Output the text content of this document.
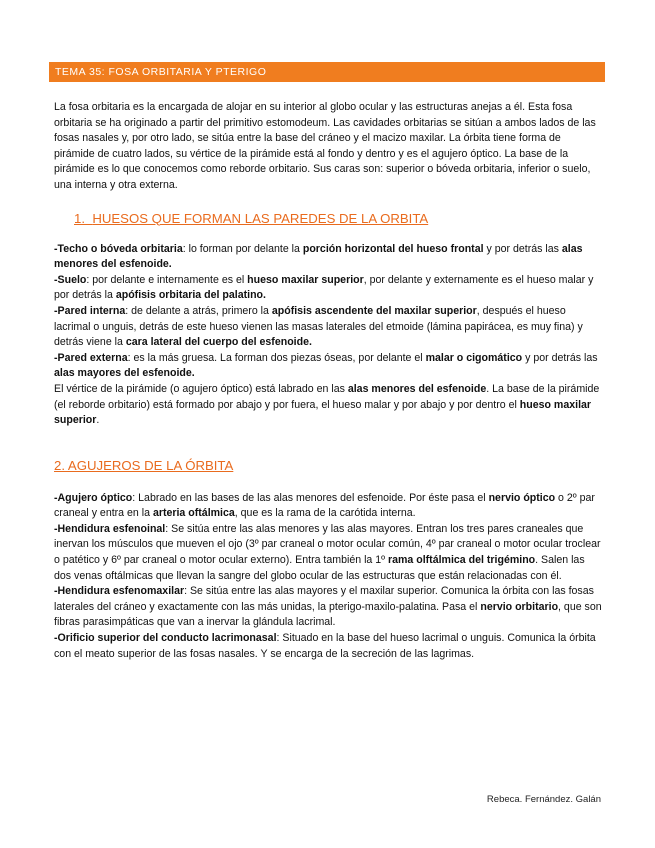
TEMA 35: FOSA ORBITARIA Y PTERIGO

La fosa orbitaria es la encargada de alojar en su interior al globo ocular y las estructuras anejas a él. Esta fosa orbitaria se ha originado a partir del primitivo estomodeum. Las cavidades orbitarias se sitúan a ambos lados de las fosas nasales y, por otro lado, se sitúa entre la base del cráneo y el macizo maxilar. La órbita tiene forma de pirámide de cuatro lados, su vértice de la pirámide está al fondo y dentro y es el agujero óptico. La base de la pirámide es lo que conocemos como reborde orbitario. Sus caras son: superior o bóveda orbitaria, inferior o suelo, una interna y otra externa.

1. HUESOS QUE FORMAN LAS PAREDES DE LA ORBITA

-Techo o bóveda orbitaria: lo forman por delante la porción horizontal del hueso frontal y por detrás las alas menores del esfenoide.

-Suelo: por delante e internamente es el hueso maxilar superior, por delante y externamente es el hueso malar y por detrás la apófisis orbitaria del palatino.

-Pared interna: de delante a atrás, primero la apófisis ascendente del maxilar superior, después el hueso lacrimal o unguis, detrás de este hueso vienen las masas laterales del etmoide (lámina papirácea, es muy fina) y detrás viene la cara lateral del cuerpo del esfenoide.

-Pared externa: es la más gruesa. La forman dos piezas óseas, por delante el malar o cigomático y por detrás las alas mayores del esfenoide.

El vértice de la pirámide (o agujero óptico) está labrado en las alas menores del esfenoide. La base de la pirámide (el reborde orbitario) está formado por abajo y por fuera, el hueso malar y por abajo y por dentro el hueso maxilar superior.

2. AGUJEROS DE LA ÓRBITA

-Agujero óptico: Labrado en las bases de las alas menores del esfenoide. Por éste pasa el nervio óptico o 2º par craneal y entra en la arteria oftálmica, que es la rama de la carótida interna.

-Hendidura esfenoinal: Se sitúa entre las alas menores y las alas mayores. Entran los tres pares craneales que inervan los músculos que mueven el ojo (3º par craneal o motor ocular común, 4º par craneal o motor ocular troclear o patético y 6º par craneal o motor ocular externo). Entra también la 1º rama olftálmica del trigémino. Salen las dos venas oftálmicas que llevan la sangre del globo ocular de las estructuras que están relacionadas con él.

-Hendidura esfenomaxilar: Se sitúa entre las alas mayores y el maxilar superior. Comunica la órbita con las fosas laterales del cráneo y exactamente con las más unidas, la pterigo-maxilo-palatina. Pasa el nervio orbitario, que son fibras parasimpáticas que van a inervar la glándula lacrimal.

-Orificio superior del conducto lacrimonasal: Situado en la base del hueso lacrimal o unguis. Comunica la órbita con el meato superior de las fosas nasales. Y se encarga de la secreción de las lagrimas.

Rebeca. Fernández. Galán
